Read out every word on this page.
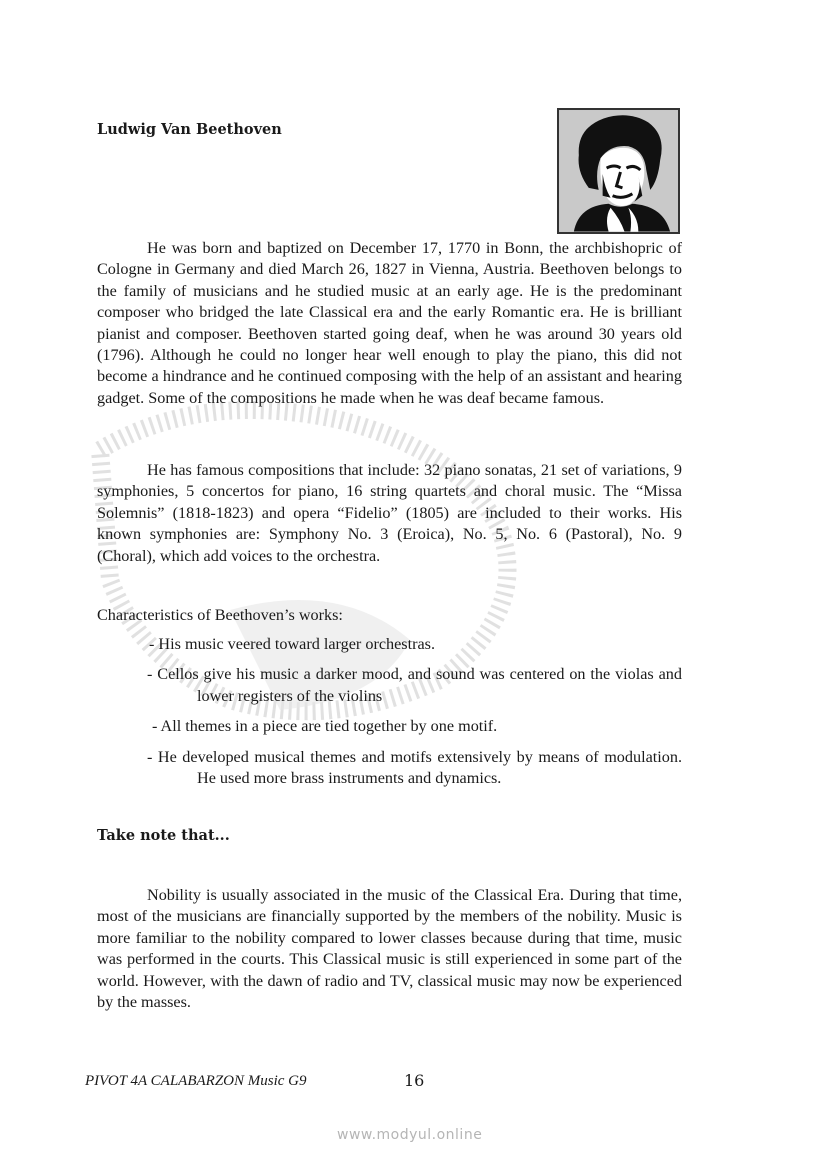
Ludwig Van Beethoven
He was born and baptized on December 17, 1770 in Bonn, the archbishopric of Cologne in Germany and died March 26, 1827 in Vienna, Austria. Beethoven belongs to the family of musicians and he studied music at an early age. He is the predominant composer who bridged the late Classical era and the early Romantic era. He is brilliant pianist and composer. Beethoven started going deaf, when he was around 30 years old (1796). Although he could no longer hear well enough to play the piano, this did not become a hindrance and he continued composing with the help of an assistant and hearing gadget. Some of the compositions he made when he was deaf became famous.
He has famous compositions that include: 32 piano sonatas, 21 set of variations, 9 symphonies, 5 concertos for piano, 16 string quartets and choral music. The “Missa Solemnis” (1818-1823) and opera “Fidelio” (1805) are included to their works. His known symphonies are: Symphony No. 3 (Eroica), No. 5, No. 6 (Pastoral), No. 9 (Choral), which add voices to the orchestra.
Characteristics of Beethoven’s works:
- His music veered toward larger orchestras.
- Cellos give his music a darker mood, and sound was centered on the violas and lower registers of the violins
- All themes in a piece are tied together by one motif.
- He developed musical themes and motifs extensively by means of modulation. He used more brass instruments and dynamics.
Take note that...
Nobility is usually associated in the music of the Classical Era. During that time, most of the musicians are financially supported by the members of the nobility. Music is more familiar to the nobility compared to lower classes because during that time, music was performed in the courts. This Classical music is still experienced in some part of the world. However, with the dawn of radio and TV, classical music may now be experienced by the masses.
PIVOT 4A CALABARZON Music G9	16
www.modyul.online
